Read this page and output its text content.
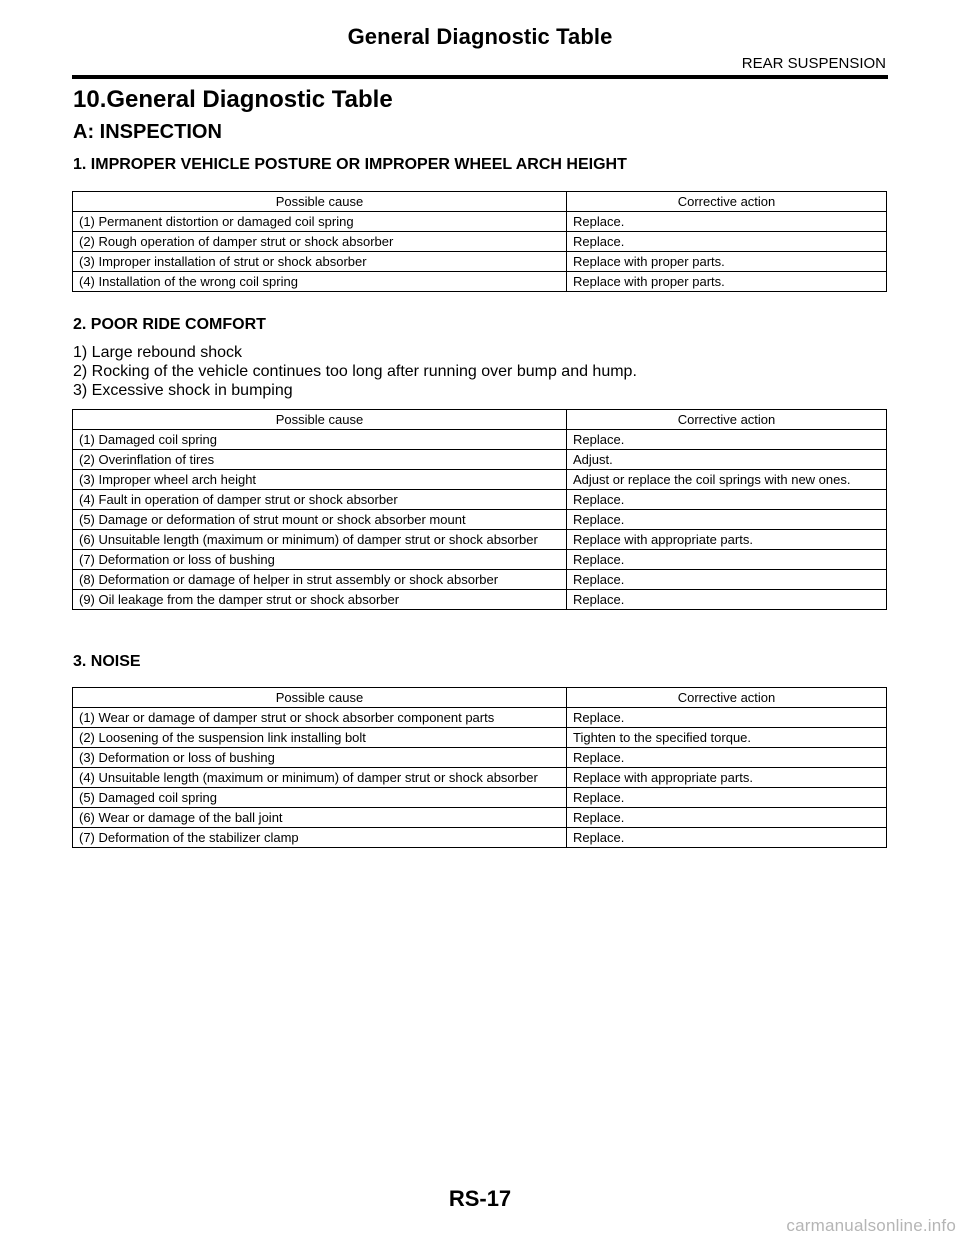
General Diagnostic Table
REAR SUSPENSION
10.General Diagnostic Table
A: INSPECTION
1. IMPROPER VEHICLE POSTURE OR IMPROPER WHEEL ARCH HEIGHT
Possible cause	Corrective action
(1) Permanent distortion or damaged coil spring	Replace.
(2) Rough operation of damper strut or shock absorber	Replace.
(3) Improper installation of strut or shock absorber	Replace with proper parts.
(4) Installation of the wrong coil spring	Replace with proper parts.
2. POOR RIDE COMFORT
1) Large rebound shock
2) Rocking of the vehicle continues too long after running over bump and hump.
3) Excessive shock in bumping
Possible cause	Corrective action
(1) Damaged coil spring	Replace.
(2) Overinflation of tires	Adjust.
(3) Improper wheel arch height	Adjust or replace the coil springs with new ones.
(4) Fault in operation of damper strut or shock absorber	Replace.
(5) Damage or deformation of strut mount or shock absorber mount	Replace.
(6) Unsuitable length (maximum or minimum) of damper strut or shock absorber	Replace with appropriate parts.
(7) Deformation or loss of bushing	Replace.
(8) Deformation or damage of helper in strut assembly or shock absorber	Replace.
(9) Oil leakage from the damper strut or shock absorber	Replace.
3. NOISE
Possible cause	Corrective action
(1) Wear or damage of damper strut or shock absorber component parts	Replace.
(2) Loosening of the suspension link installing bolt	Tighten to the specified torque.
(3) Deformation or loss of bushing	Replace.
(4) Unsuitable length (maximum or minimum) of damper strut or shock absorber	Replace with appropriate parts.
(5) Damaged coil spring	Replace.
(6) Wear or damage of the ball joint	Replace.
(7) Deformation of the stabilizer clamp	Replace.
RS-17
carmanualsonline.info
